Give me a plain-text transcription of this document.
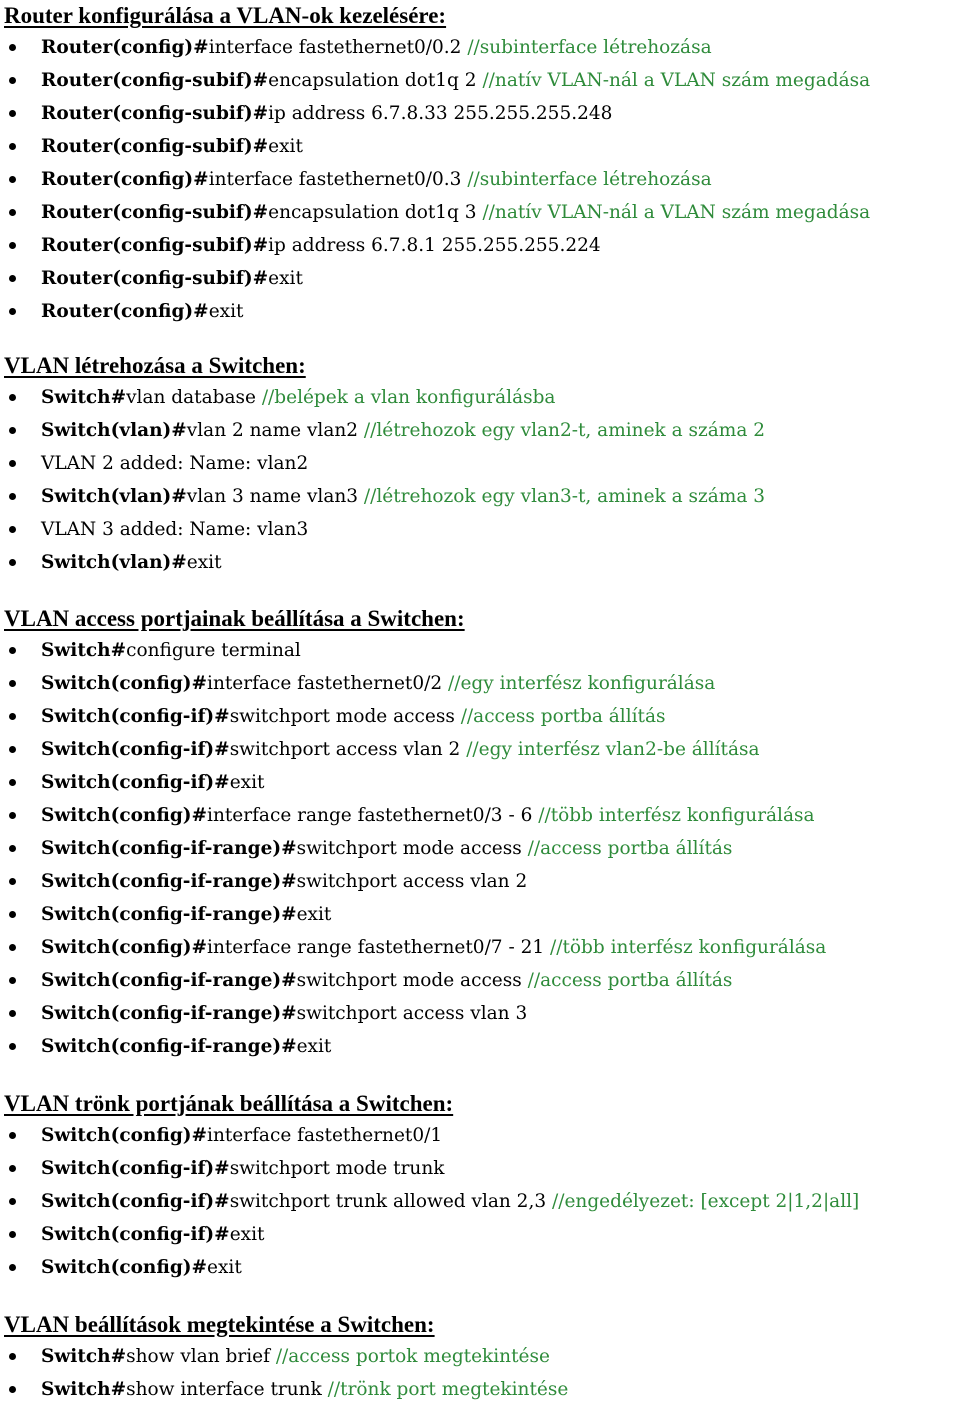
Router konfigurálása a VLAN-ok kezelésére:
Router(config)#interface fastethernet0/0.2 //subinterface létrehozása
Router(config-subif)#encapsulation dot1q 2 //natív VLAN-nál a VLAN szám megadása
Router(config-subif)#ip address 6.7.8.33 255.255.255.248
Router(config-subif)#exit
Router(config)#interface fastethernet0/0.3 //subinterface létrehozása
Router(config-subif)#encapsulation dot1q 3 //natív VLAN-nál a VLAN szám megadása
Router(config-subif)#ip address 6.7.8.1 255.255.255.224
Router(config-subif)#exit
Router(config)#exit
VLAN létrehozása a Switchen:
Switch#vlan database //belépek a vlan konfigurálásba
Switch(vlan)#vlan 2 name vlan2 //létrehozok egy vlan2-t, aminek a száma 2
VLAN 2 added: Name: vlan2
Switch(vlan)#vlan 3 name vlan3 //létrehozok egy vlan3-t, aminek a száma 3
VLAN 3 added: Name: vlan3
Switch(vlan)#exit
VLAN access portjainak beállítása a Switchen:
Switch#configure terminal
Switch(config)#interface fastethernet0/2 //egy interfész konfigurálása
Switch(config-if)#switchport mode access //access portba állítás
Switch(config-if)#switchport access vlan 2 //egy interfész vlan2-be állítása
Switch(config-if)#exit
Switch(config)#interface range fastethernet0/3 - 6 //több interfész konfigurálása
Switch(config-if-range)#switchport mode access //access portba állítás
Switch(config-if-range)#switchport access vlan 2
Switch(config-if-range)#exit
Switch(config)#interface range fastethernet0/7 - 21 //több interfész konfigurálása
Switch(config-if-range)#switchport mode access //access portba állítás
Switch(config-if-range)#switchport access vlan 3
Switch(config-if-range)#exit
VLAN trönk portjának beállítása a Switchen:
Switch(config)#interface fastethernet0/1
Switch(config-if)#switchport mode trunk
Switch(config-if)#switchport trunk allowed vlan 2,3 //engedélyezet: [except 2|1,2|all]
Switch(config-if)#exit
Switch(config)#exit
VLAN beállítások megtekintése a Switchen:
Switch#show vlan brief //access portok megtekintése
Switch#show interface trunk //trönk port megtekintése
